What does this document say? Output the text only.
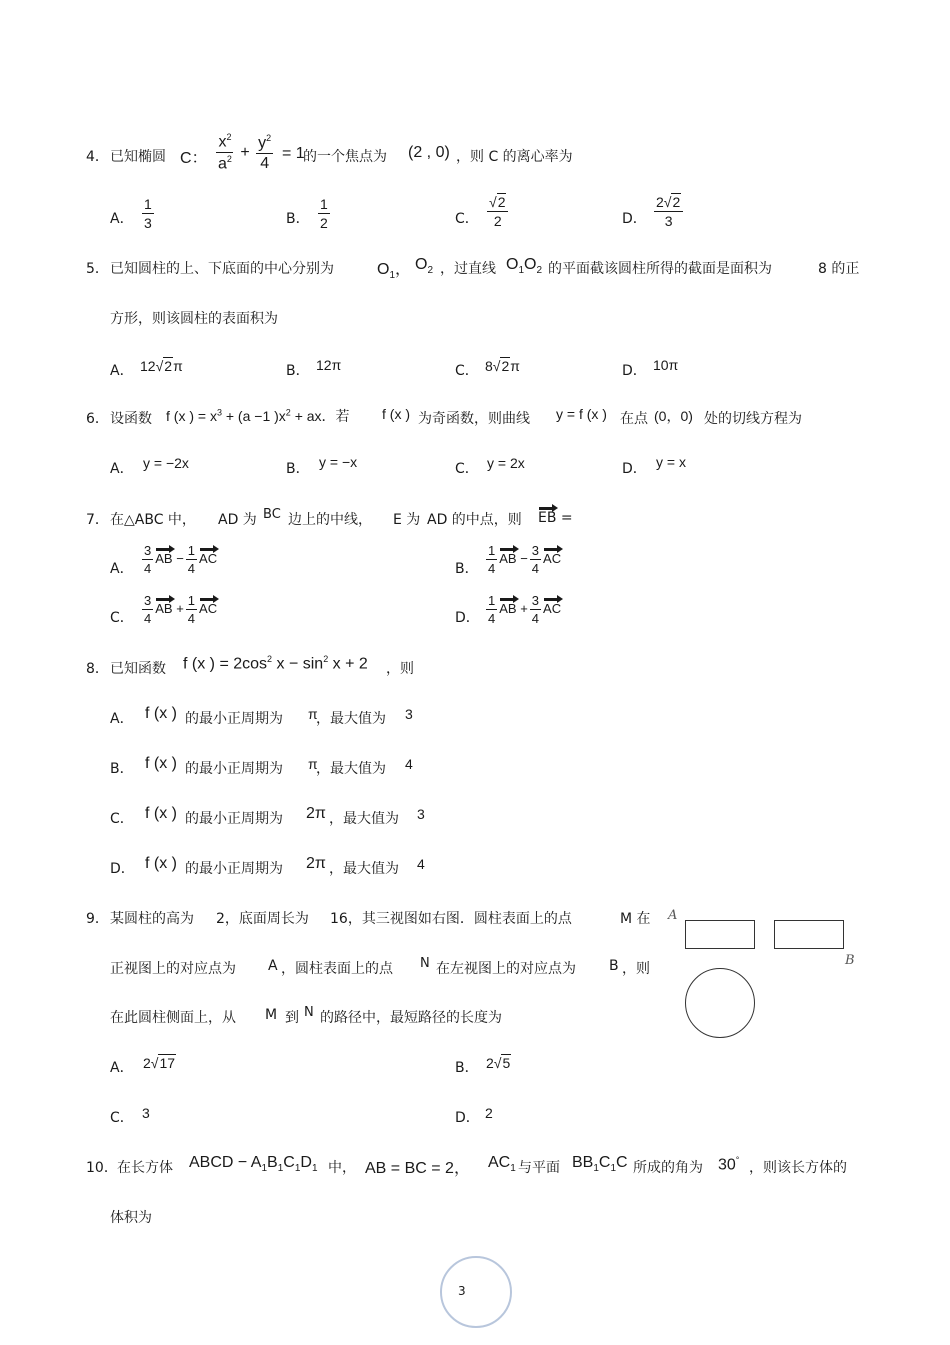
4． 已知椭圆 C： $\frac{x^2}{a^2} + \frac{y^2}{4} = 1$
的一个焦点为 (2 , 0) ，则 C 的离心率为
A． $\frac{1}{3}$	B． $\frac{1}{2}$	C． $\frac{√2}{2}$	D． $\frac{2√2}{3}$
5． 已知圆柱的上、下底面的中心分别为	$O_1$， $O_2$ ，过直线 $O_1O_2$ 的平面截该圆柱所得的截面是面积为	8 的正
方形，则该圆柱的表面积为
A． 12√2π	B． 12π	C． 8√2π	D． 10π
6． 设函数 f (x ) = $x^3 + (a -1$ )$x^2$ + ax．若 f (x ) 为奇函数，则曲线 y = f (x ) 在点 (0，0) 处的切线方程为
A． y = −2x	B． y = −x	C． y = 2x	D． y = x
7． 在△ABC 中， AD 为 BC 边上的中线， E 为 AD 的中点，则 EB =
A． $\frac{3}{4}$ AB − $\frac{1}{4}$ AC
B． $\frac{1}{4}$ AB − $\frac{3}{4}$ AC
C． $\frac{3}{4}$ AB + $\frac{1}{4}$ AC
D． $\frac{1}{4}$ AB + $\frac{3}{4}$ AC
8． 已知函数 f (x ) = $2\cos^2$ $x - \sin^2 x + 2$ ，则
A． f (x ) 的最小正周期为 π
，最大值为 3
B． f (x ) 的最小正周期为 π
，最大值为 4
C． f (x ) 的最小正周期为 2π ，最大值为 3
D． f (x ) 的最小正周期为 2π ，最大值为 4
9． 某圆柱的高为 2，底面周长为 16，其三视图如右图．圆柱表面上的点	M 在
正视图上的对应点为 A ，圆柱表面上的点 N 在左视图上的对应点为 B ，则
在此圆柱侧面上，从 M 到 N 的路径中，最短路径的长度为
A
B
A． 2√17	B． 2√5
C． 3	D． 2
10． 在长方体 ABCD − $A_1B_1C_1D_1$ 中， AB = BC = 2， $AC_1$ 与平面 $BB_1C_1C$ 所成的角为 30° ，则该长方体的
体积为
3
